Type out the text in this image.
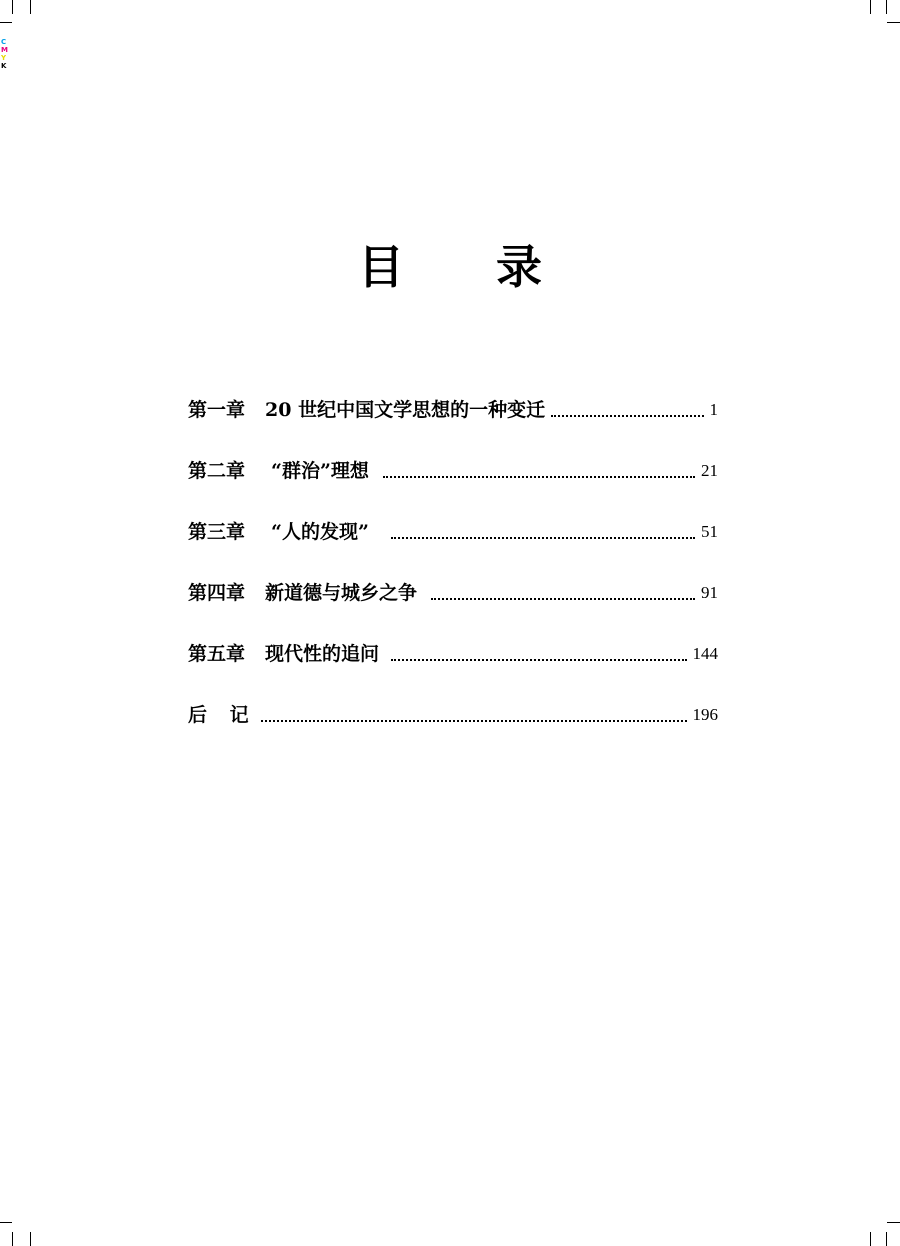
C
M
Y
K
目 录
第一章 20 世纪中国文学思想的一种变迁	1
第二章 “群治”理想	21
第三章 “人的发现”	51
第四章 新道德与城乡之争	91
第五章 现代性的追问	144
后 记	196
